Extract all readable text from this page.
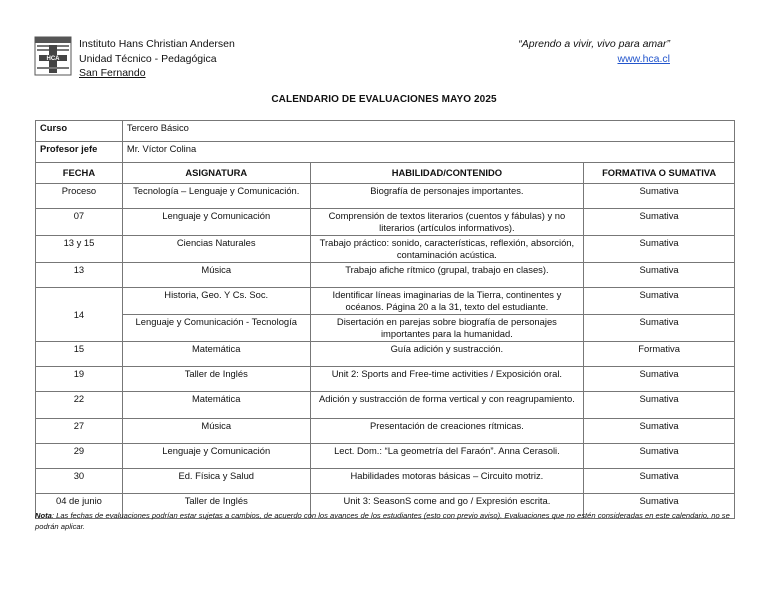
HCA
Instituto Hans Christian Andersen
Unidad Técnico - Pedagógica
San Fernando
“Aprendo a vivir, vivo para amar”
www.hca.cl
CALENDARIO DE EVALUACIONES MAYO 2025
Curso	Tercero Básico		
Profesor jefe	Mr. Víctor Colina		
FECHA	ASIGNATURA	HABILIDAD/CONTENIDO	FORMATIVA O SUMATIVA
Proceso	Tecnología – Lenguaje y Comunicación.	Biografía de personajes importantes.	Sumativa
07	Lenguaje y Comunicación	Comprensión de textos literarios (cuentos y fábulas) y no literarios (artículos informativos).	Sumativa
13 y 15	Ciencias Naturales	Trabajo práctico: sonido, características, reflexión, absorción, contaminación acústica.	Sumativa
13	Música	Trabajo afiche rítmico (grupal, trabajo en clases).	Sumativa
14	Historia, Geo. Y Cs. Soc.	Identificar líneas imaginarias de la Tierra, continentes y océanos. Página 20 a la 31, texto del estudiante.	Sumativa
	Lenguaje y Comunicación - Tecnología	Disertación en parejas sobre biografía de personajes importantes para la humanidad.	Sumativa
15	Matemática	Guía adición y sustracción.	Formativa
19	Taller de Inglés	Unit 2: Sports and Free-time activities / Exposición oral.	Sumativa
22	Matemática	Adición y sustracción de forma vertical y con reagrupamiento.	Sumativa
27	Música	Presentación de creaciones rítmicas.	Sumativa
29	Lenguaje y Comunicación	Lect. Dom.: “La geometría del Faraón”. Anna Cerasoli.	Sumativa
30	Ed. Física y Salud	Habilidades motoras básicas – Circuito motriz.	Sumativa
04 de junio	Taller de Inglés	Unit 3: SeasonS come and go / Expresión escrita.	Sumativa
Nota: Las fechas de evaluaciones podrían estar sujetas a cambios, de acuerdo con los avances de los estudiantes (esto con previo aviso). Evaluaciones que no estén consideradas en este calendario, no se podrán aplicar.
